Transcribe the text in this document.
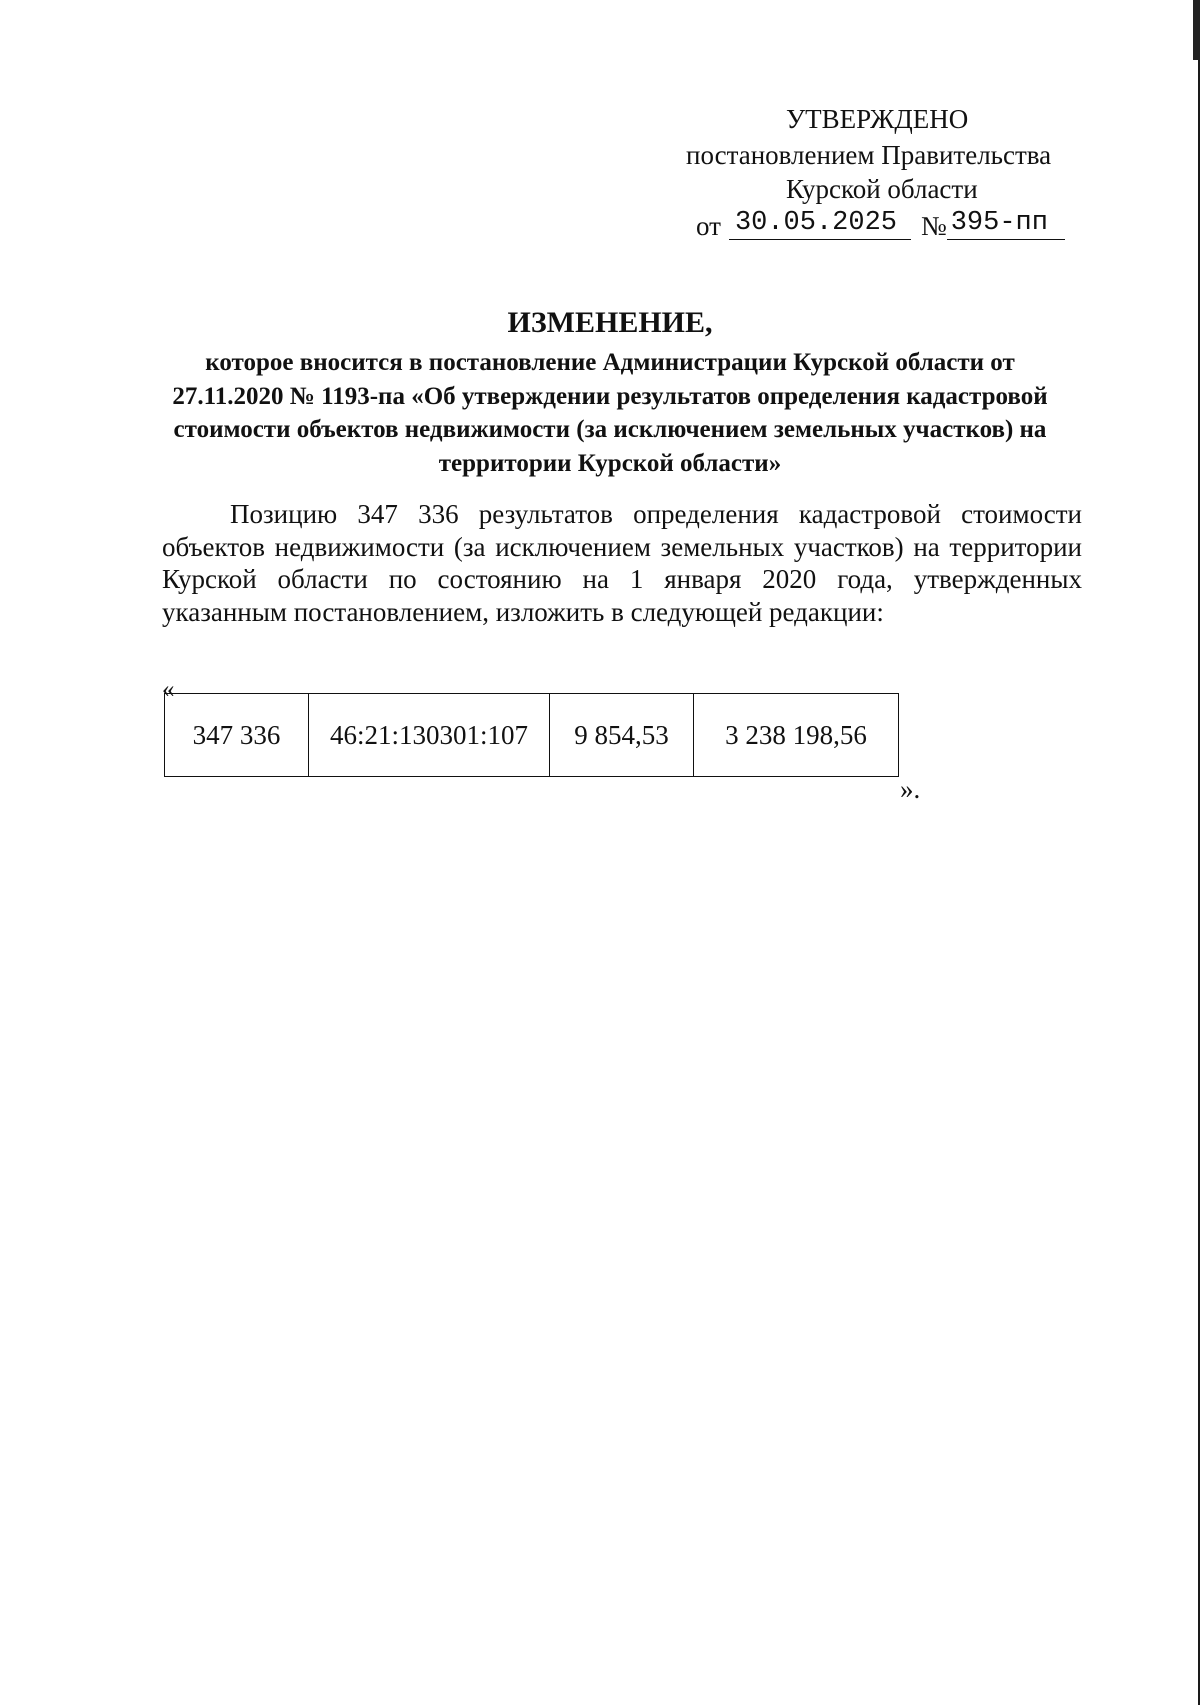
УТВЕРЖДЕНО
постановлением Правительства
Курской области
от 30.05.2025 № 395-пп

ИЗМЕНЕНИЕ,

которое вносится в постановление Администрации Курской области от 27.11.2020 № 1193-па «Об утверждении результатов определения кадастровой стоимости объектов недвижимости (за исключением земельных участков) на территории Курской области»

Позицию 347 336 результатов определения кадастровой стоимости объектов недвижимости (за исключением земельных участков) на территории Курской области по состоянию на 1 января 2020 года, утвержденных указанным постановлением, изложить в следующей редакции:

«
347 336	46:21:130301:107	9 854,53	3 238 198,56
».
